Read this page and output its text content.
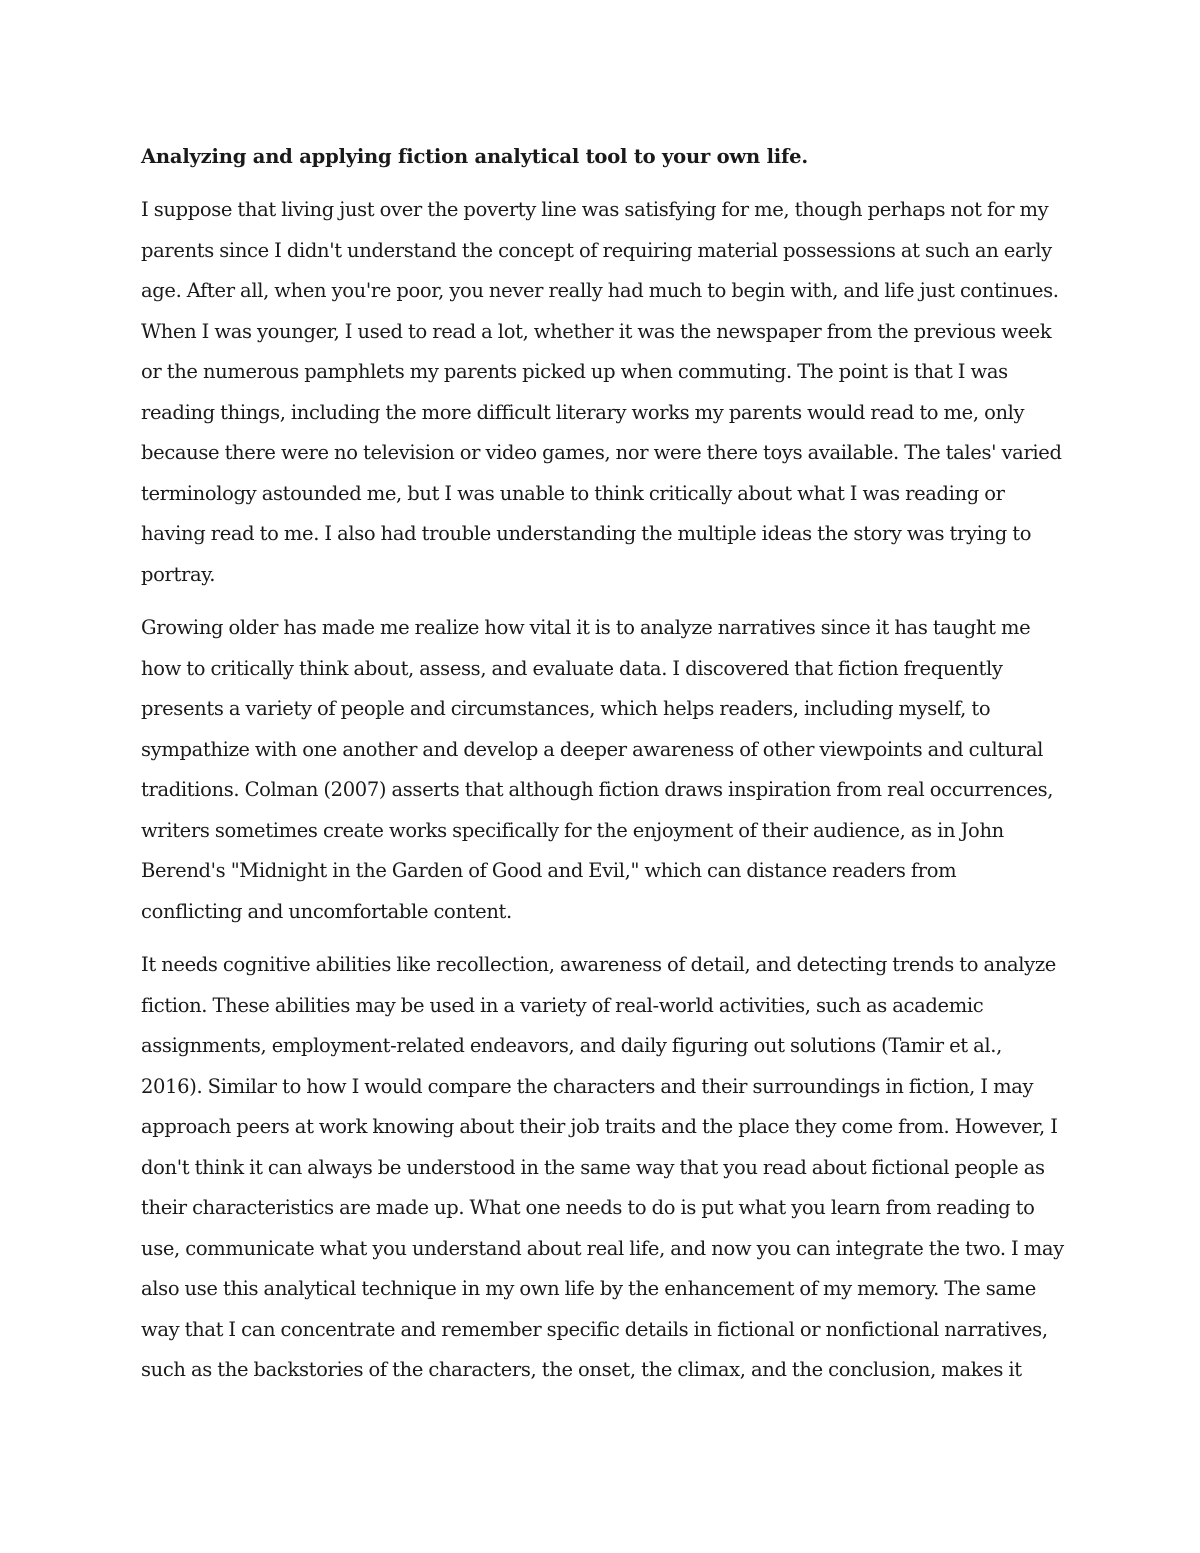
Analyzing and applying fiction analytical tool to your own life.

I suppose that living just over the poverty line was satisfying for me, though perhaps not for my
parents since I didn't understand the concept of requiring material possessions at such an early
age. After all, when you're poor, you never really had much to begin with, and life just continues.
When I was younger, I used to read a lot, whether it was the newspaper from the previous week
or the numerous pamphlets my parents picked up when commuting. The point is that I was
reading things, including the more difficult literary works my parents would read to me, only
because there were no television or video games, nor were there toys available. The tales' varied
terminology astounded me, but I was unable to think critically about what I was reading or
having read to me. I also had trouble understanding the multiple ideas the story was trying to
portray.

Growing older has made me realize how vital it is to analyze narratives since it has taught me
how to critically think about, assess, and evaluate data. I discovered that fiction frequently
presents a variety of people and circumstances, which helps readers, including myself, to
sympathize with one another and develop a deeper awareness of other viewpoints and cultural
traditions. Colman (2007) asserts that although fiction draws inspiration from real occurrences,
writers sometimes create works specifically for the enjoyment of their audience, as in John
Berend's "Midnight in the Garden of Good and Evil," which can distance readers from
conflicting and uncomfortable content.

It needs cognitive abilities like recollection, awareness of detail, and detecting trends to analyze
fiction. These abilities may be used in a variety of real-world activities, such as academic
assignments, employment-related endeavors, and daily figuring out solutions (Tamir et al.,
2016). Similar to how I would compare the characters and their surroundings in fiction, I may
approach peers at work knowing about their job traits and the place they come from. However, I
don't think it can always be understood in the same way that you read about fictional people as
their characteristics are made up. What one needs to do is put what you learn from reading to
use, communicate what you understand about real life, and now you can integrate the two. I may
also use this analytical technique in my own life by the enhancement of my memory. The same
way that I can concentrate and remember specific details in fictional or nonfictional narratives,
such as the backstories of the characters, the onset, the climax, and the conclusion, makes it
